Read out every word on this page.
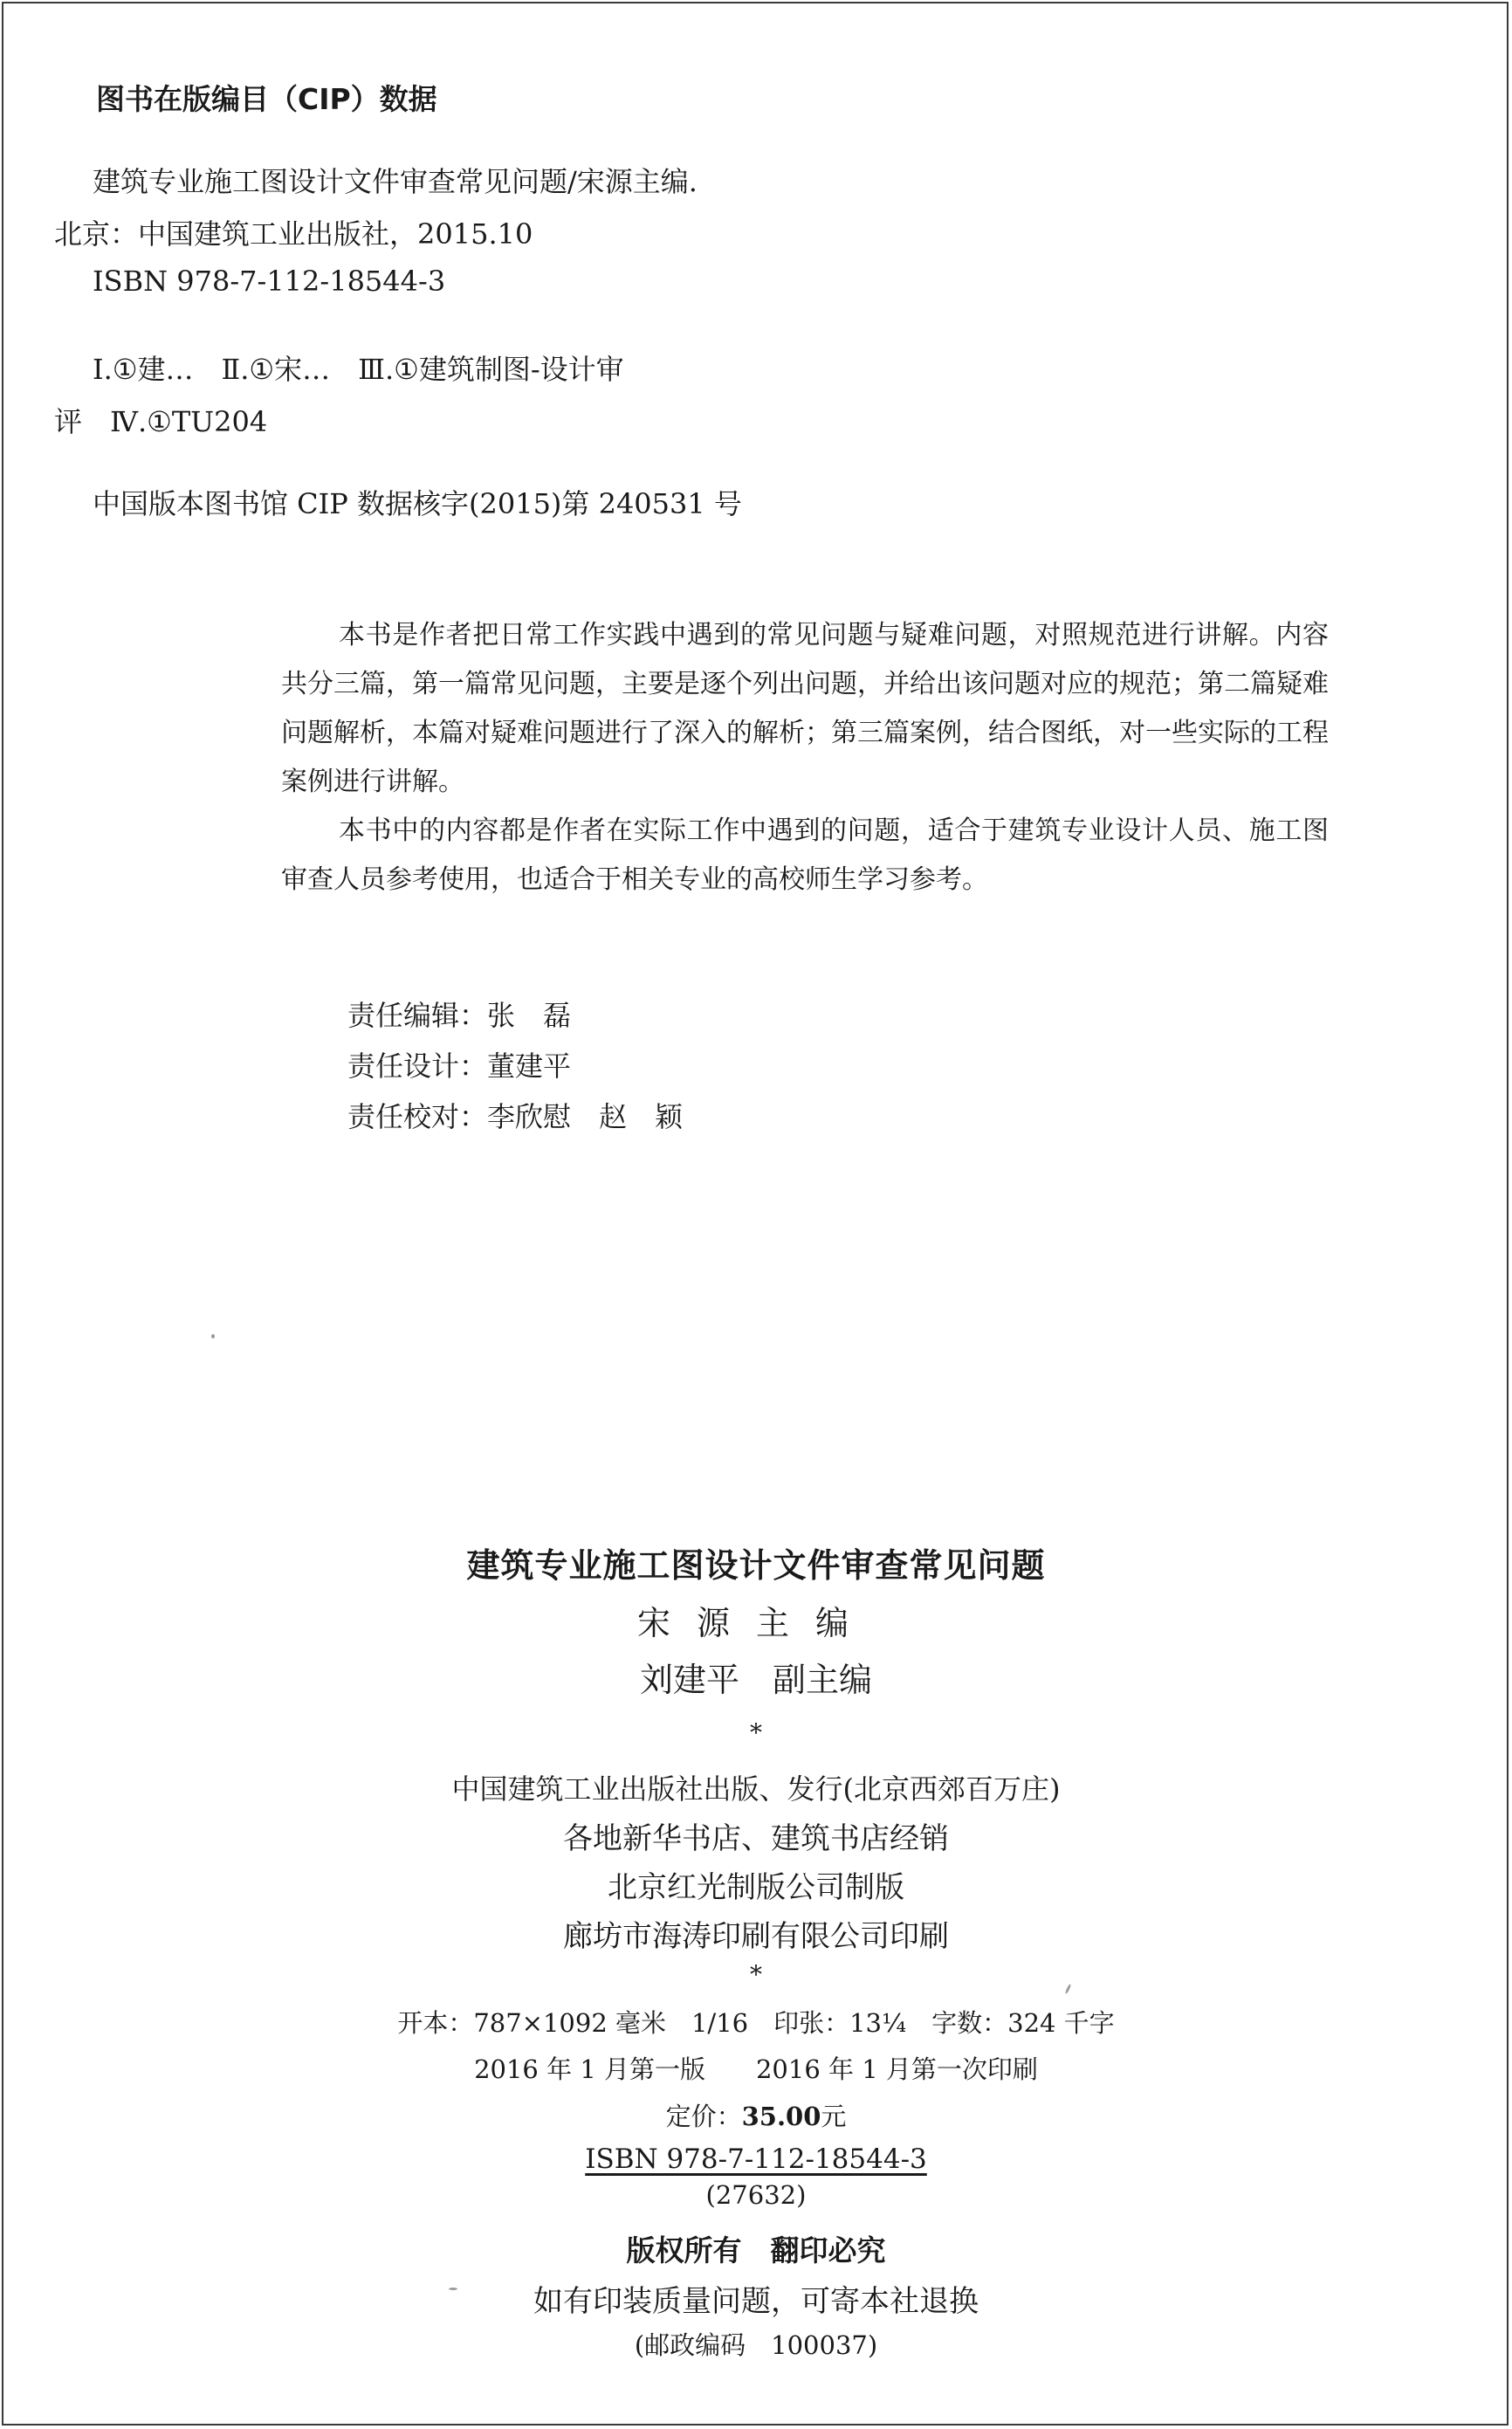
图书在版编目（CIP）数据
建筑专业施工图设计文件审查常见问题/宋源主编.
北京：中国建筑工业出版社，2015.10
ISBN 978-7-112-18544-3
Ⅰ.①建…　Ⅱ.①宋…　Ⅲ.①建筑制图-设计审
评　Ⅳ.①TU204
中国版本图书馆 CIP 数据核字(2015)第 240531 号

本书是作者把日常工作实践中遇到的常见问题与疑难问题，对照规范进行讲解。内容共分三篇，第一篇常见问题，主要是逐个列出问题，并给出该问题对应的规范；第二篇疑难问题解析，本篇对疑难问题进行了深入的解析；第三篇案例，结合图纸，对一些实际的工程案例进行讲解。

本书中的内容都是作者在实际工作中遇到的问题，适合于建筑专业设计人员、施工图审查人员参考使用，也适合于相关专业的高校师生学习参考。

责任编辑：张　磊
责任设计：董建平
责任校对：李欣慰　赵　颖
建筑专业施工图设计文件审查常见问题
宋源主编
刘建平　副主编
*
中国建筑工业出版社出版、发行(北京西郊百万庄)
各地新华书店、建筑书店经销
北京红光制版公司制版
廊坊市海涛印刷有限公司印刷
*
开本：787×1092 毫米　1/16　印张：13¼　字数：324 千字
2016 年 1 月第一版　　2016 年 1 月第一次印刷
定价：35.00元
ISBN 978-7-112-18544-3
(27632)
版权所有　翻印必究
如有印装质量问题，可寄本社退换
(邮政编码　100037)
